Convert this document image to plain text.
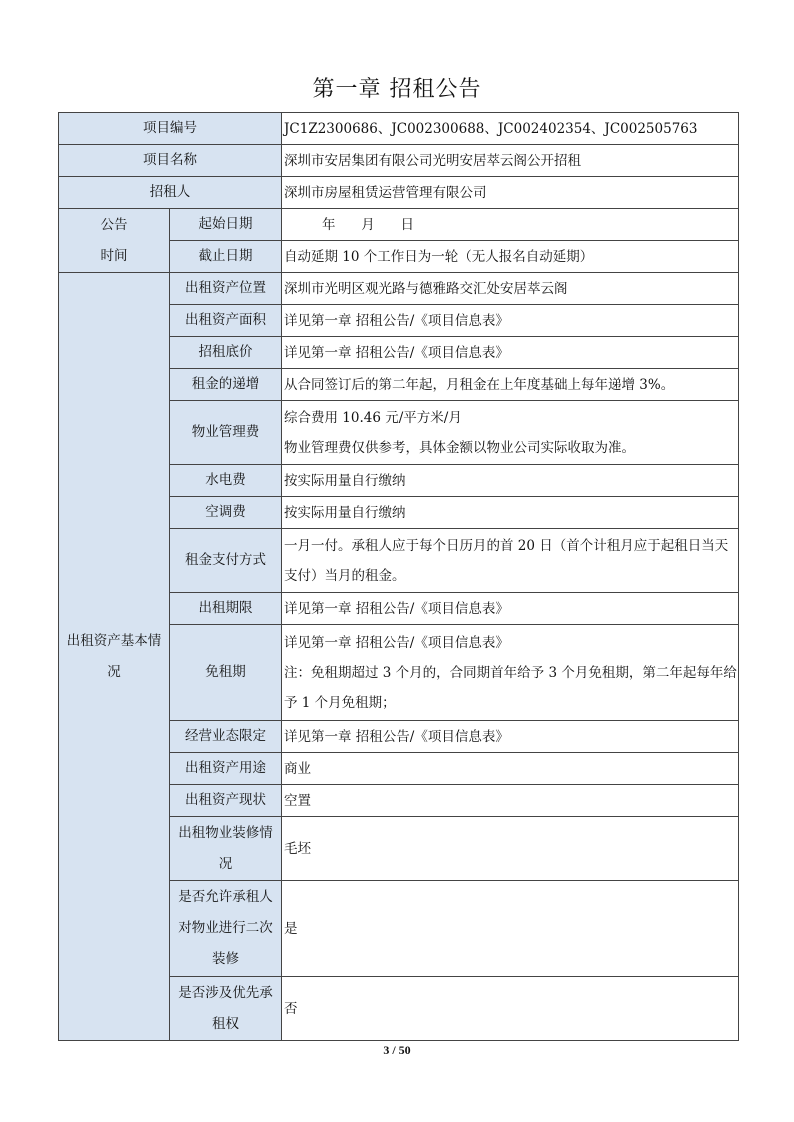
第一章 招租公告
项目编号		JC1Z2300686、JC002300688、JC002402354、JC002505763
项目名称		深圳市安居集团有限公司光明安居萃云阁公开招租
招租人		深圳市房屋租赁运营管理有限公司

公告
时间	起始日期	年      月      日
	截止日期	自动延期 10 个工作日为一轮（无人报名自动延期）

出租资产基本情
况	出租资产位置	深圳市光明区观光路与德雅路交汇处安居萃云阁
	出租资产面积	详见第一章 招租公告/《项目信息表》
	招租底价	详见第一章 招租公告/《项目信息表》
	租金的递增	从合同签订后的第二年起，月租金在上年度基础上每年递增 3%。
	物业管理费	综合费用 10.46 元/平方米/月
物业管理费仅供参考，具体金额以物业公司实际收取为准。

	水电费	按实际用量自行缴纳
	空调费	按实际用量自行缴纳
	租金支付方式	一月一付。承租人应于每个日历月的首 20 日（首个计租月应于起租日当天
支付）当月的租金。

	出租期限	详见第一章 招租公告/《项目信息表》
	免租期	详见第一章 招租公告/《项目信息表》
注：免租期超过 3 个月的，合同期首年给予 3 个月免租期，第二年起每年给
予 1 个月免租期；

	经营业态限定	详见第一章 招租公告/《项目信息表》
	出租资产用途	商业
	出租资产现状	空置

	出租物业装修情
况	毛坯

	是否允许承租人
对物业进行二次
装修	是

	是否涉及优先承
租权	否
3 / 50
